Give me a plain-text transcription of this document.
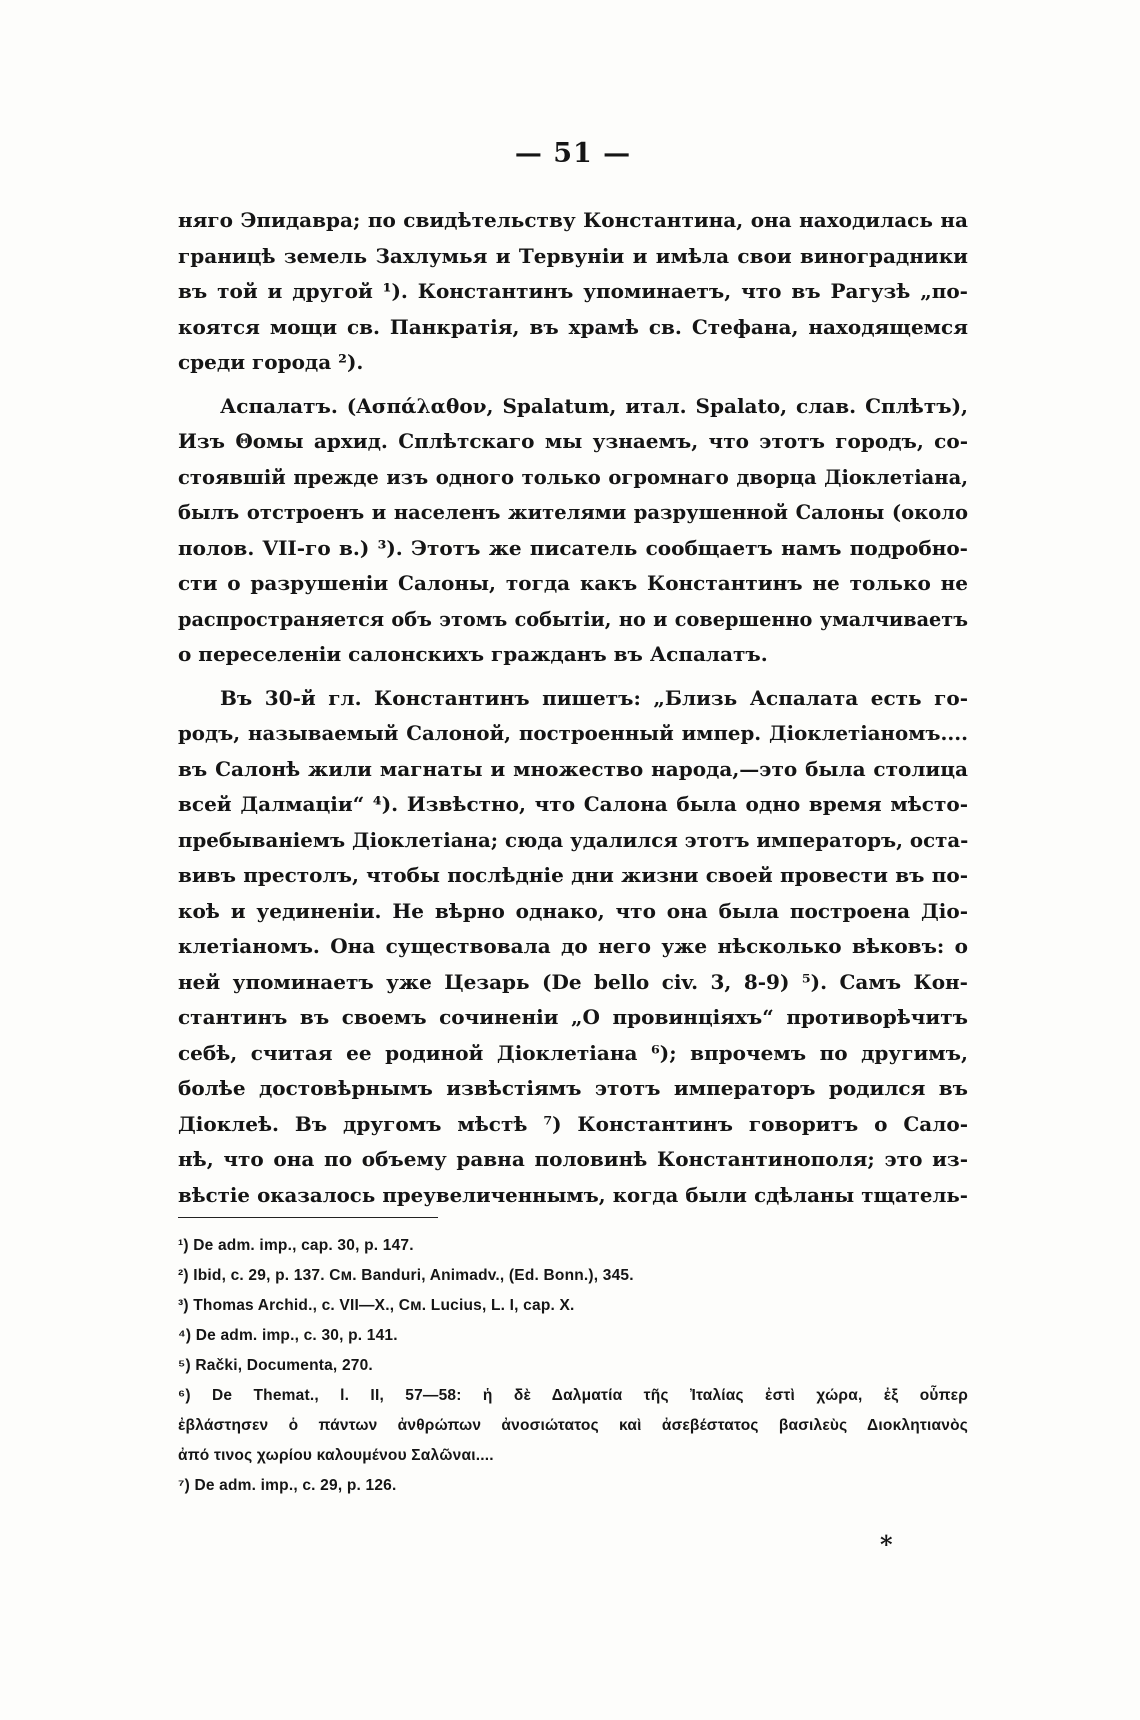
— 51 —
няго Эпидавра; по свидѣтельству Константина, она находилась на
границѣ земель Захлумья и Тервуніи и имѣла свои виноградники
въ той и другой ¹). Константинъ упоминаетъ, что въ Рагузѣ „по-
коятся мощи св. Панкратія, въ храмѣ св. Стефана, находящемся
среди города ²).
Аспалатъ. (Ασπάλαθον, Spalatum, итал. Spalato, слав. Сплѣтъ),
Изъ Θомы архид. Сплѣтскаго мы узнаемъ, что этотъ городъ, со-
стоявшій прежде изъ одного только огромнаго дворца Діоклетіана,
былъ отстроенъ и населенъ жителями разрушенной Салоны (около
полов. VII-го в.) ³). Этотъ же писатель сообщаетъ намъ подробно-
сти о разрушеніи Салоны, тогда какъ Константинъ не только не
распространяется объ этомъ событіи, но и совершенно умалчиваетъ
о переселеніи салонскихъ гражданъ въ Аспалатъ.
Въ 30-й гл. Константинъ пишетъ: „Близь Аспалата есть го-
родъ, называемый Салоной, построенный импер. Діоклетіаномъ....
въ Салонѣ жили магнаты и множество народа,—это была столица
всей Далмаціи“ ⁴). Извѣстно, что Салона была одно время мѣсто-
пребываніемъ Діоклетіана; сюда удалился этотъ императоръ, оста-
вивъ престолъ, чтобы послѣдніе дни жизни своей провести въ по-
коѣ и уединеніи. Не вѣрно однако, что она была построена Діо-
клетіаномъ. Она существовала до него уже нѣсколько вѣковъ: о
ней упоминаетъ уже Цезарь (De bello civ. 3, 8-9) ⁵). Самъ Кон-
стантинъ въ своемъ сочиненіи „О провинціяхъ“ противорѣчитъ
себѣ, считая ее родиной Діоклетіана ⁶); впрочемъ по другимъ,
болѣе достовѣрнымъ извѣстіямъ этотъ императоръ родился въ
Діоклеѣ. Въ другомъ мѣстѣ ⁷) Константинъ говоритъ о Сало-
нѣ, что она по объему равна половинѣ Константинополя; это из-
вѣстіе оказалось преувеличеннымъ, когда были сдѣланы тщатель-
¹) De adm. imp., cap. 30, p. 147.
²) Ibid, c. 29, p. 137. См. Banduri, Animadv., (Ed. Bonn.), 345.
³) Thomas Archid., c. VII—X., См. Lucius, L. I, cap. X.
⁴) De adm. imp., c. 30, p. 141.
⁵) Rački, Documenta, 270.
⁶) De Themat., l. II, 57—58: ἡ δὲ Δαλματία τῆς Ἰταλίας ἐστὶ χώρα, ἐξ οὗπερ
ἐβλάστησεν ὁ πάντων ἀνθρώπων ἀνοσιώτατος καὶ ἀσεβέστατος βασιλεὺς Διοκλητιανὸς
ἀπό τινος χωρίου καλουμένου Σαλῶναι....
⁷) De adm. imp., c. 29, p. 126.
*
